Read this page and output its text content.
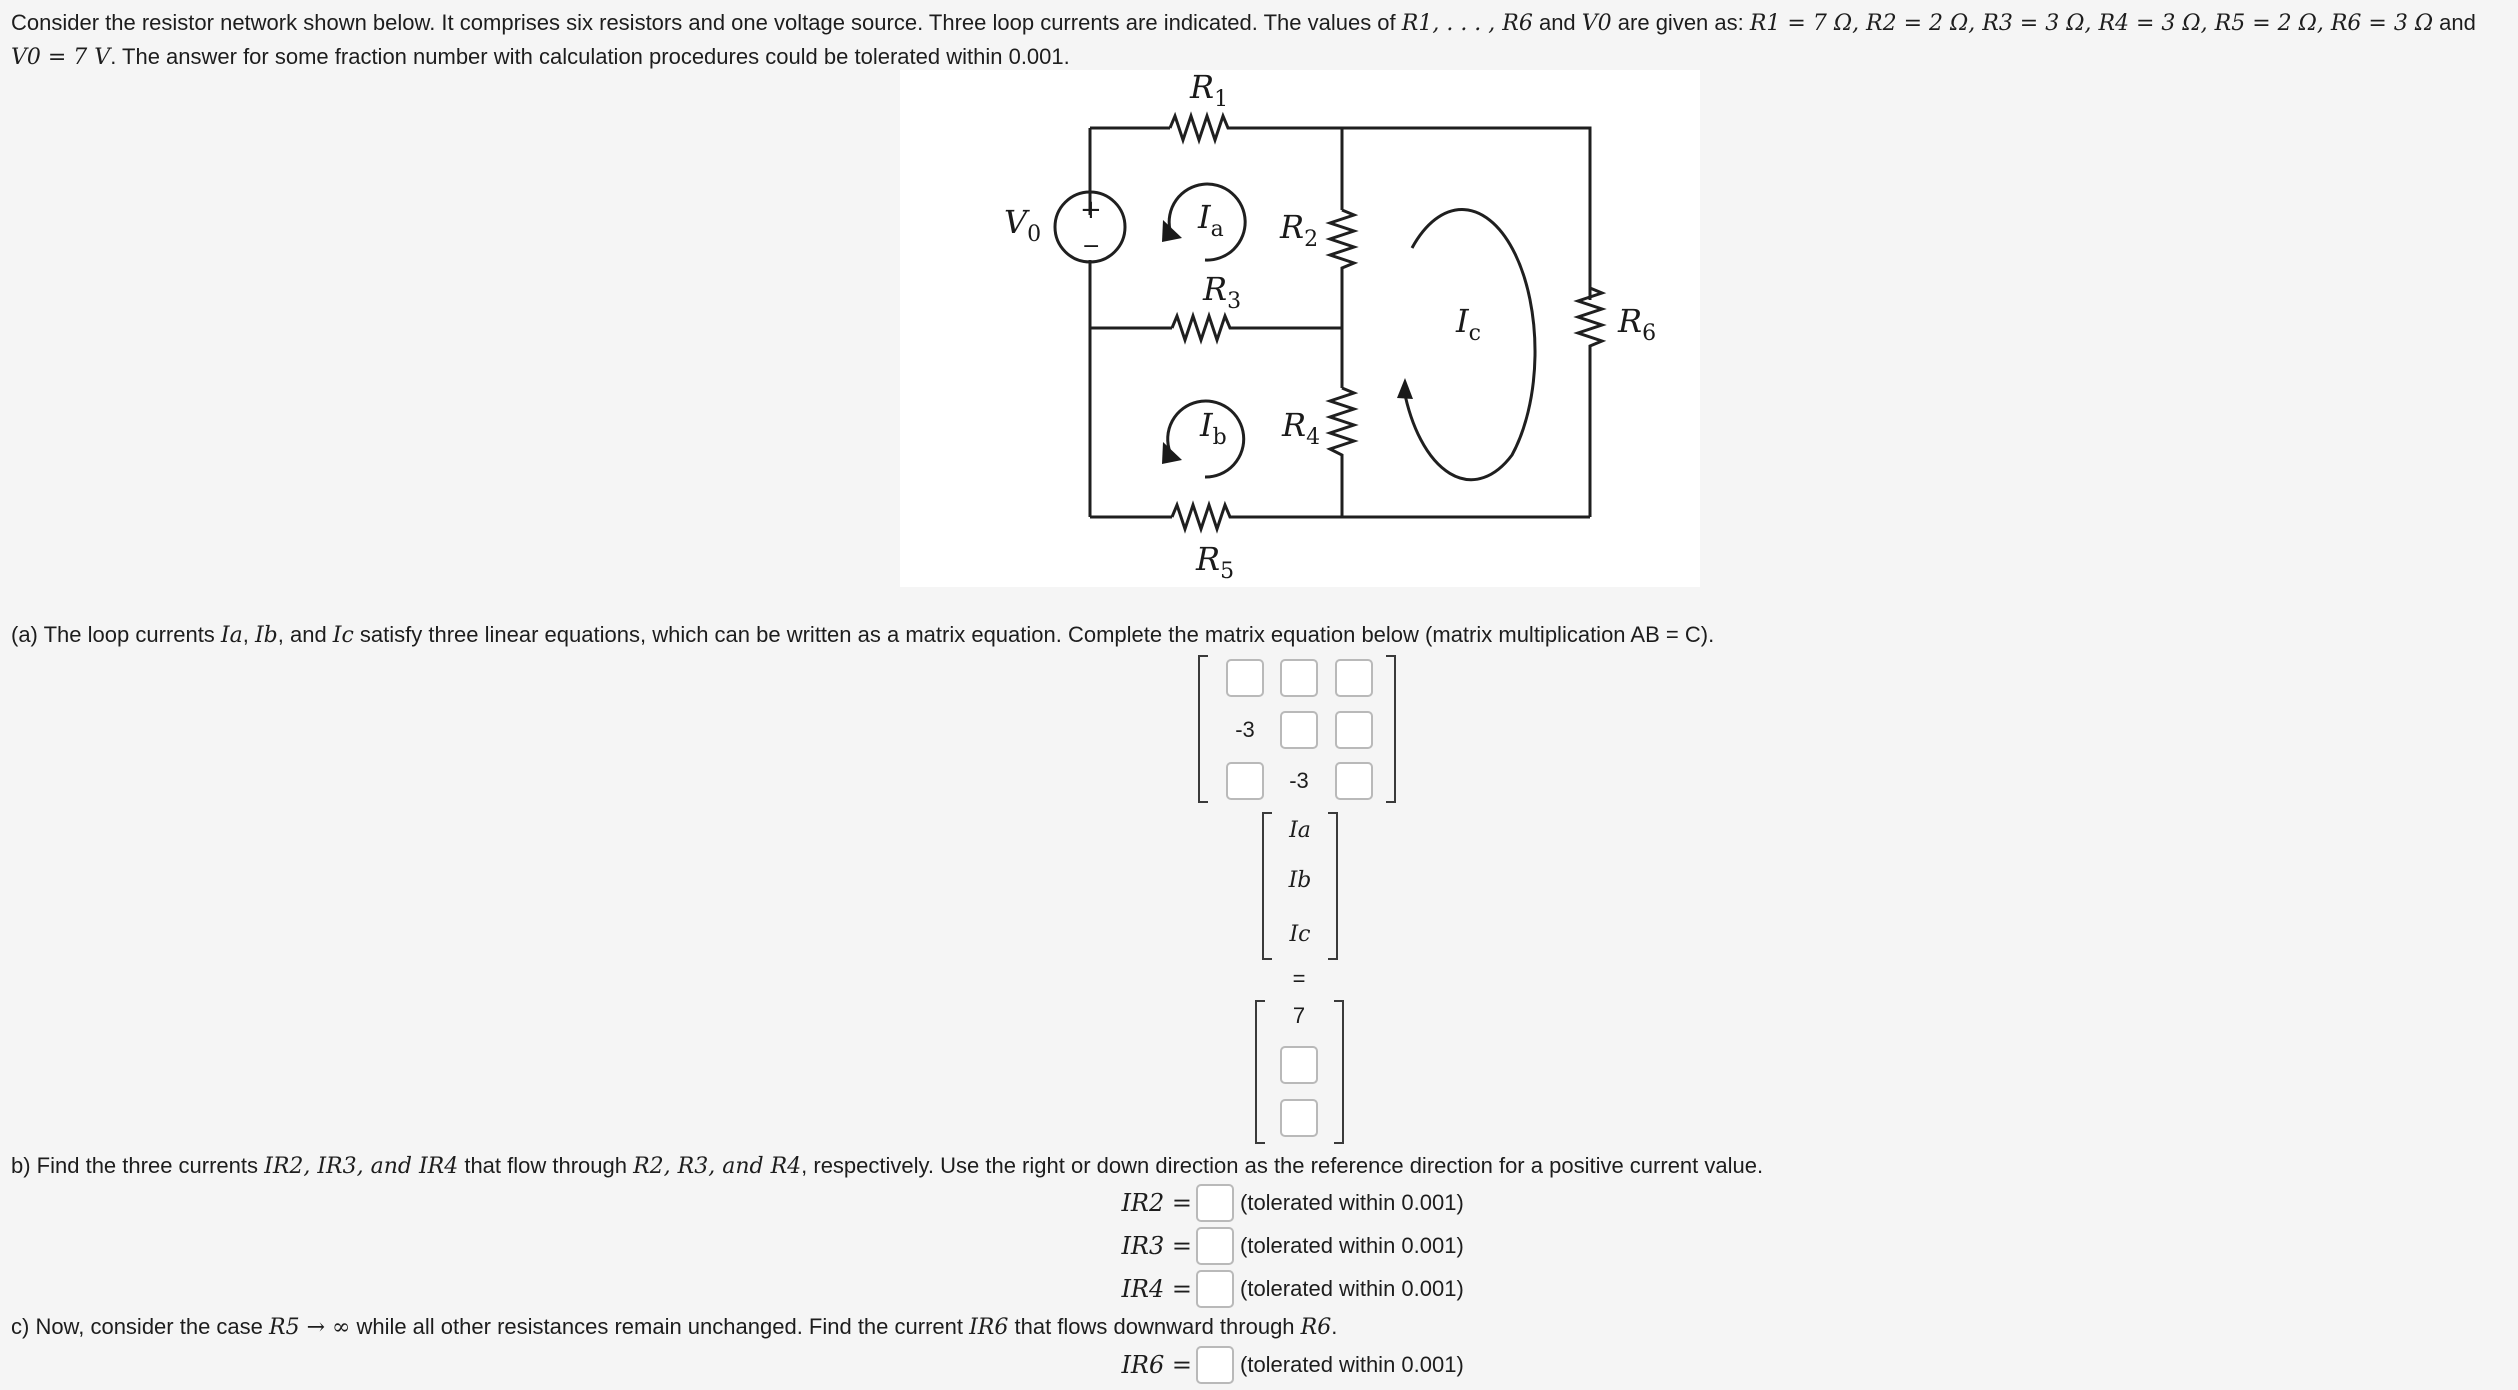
Consider the resistor network shown below. It comprises six resistors and one voltage source. Three loop currents are indicated. The values of R1, . . . , R6 and V0 are given as: R1 = 7 Ω, R2 = 2 Ω, R3 = 3 Ω, R4 = 3 Ω, R5 = 2 Ω, R6 = 3 Ω and
V0 = 7 V. The answer for some fraction number with calculation procedures could be tolerated within 0.001.
$R_1$
$R_2$
$R_3$
$R_4$
$R_5$
$R_6$
$V_0$	$I_a$
$I_b$
$I_c$
+
−
(a) The loop currents Ia, Ib, and Ic satisfy three linear equations, which can be written as a matrix equation. Complete the matrix equation below (matrix multiplication AB = C).
-3
-3
Ia
Ib
Ic
=
7
b) Find the three currents IR2, IR3, and IR4 that flow through R2, R3, and R4, respectively. Use the right or down direction as the reference direction for a positive current value.
IR2 = (tolerated within 0.001)
IR3 = (tolerated within 0.001)
IR4 = (tolerated within 0.001)
c) Now, consider the case R5 → ∞ while all other resistances remain unchanged. Find the current IR6 that flows downward through R6.
IR6 = (tolerated within 0.001)
